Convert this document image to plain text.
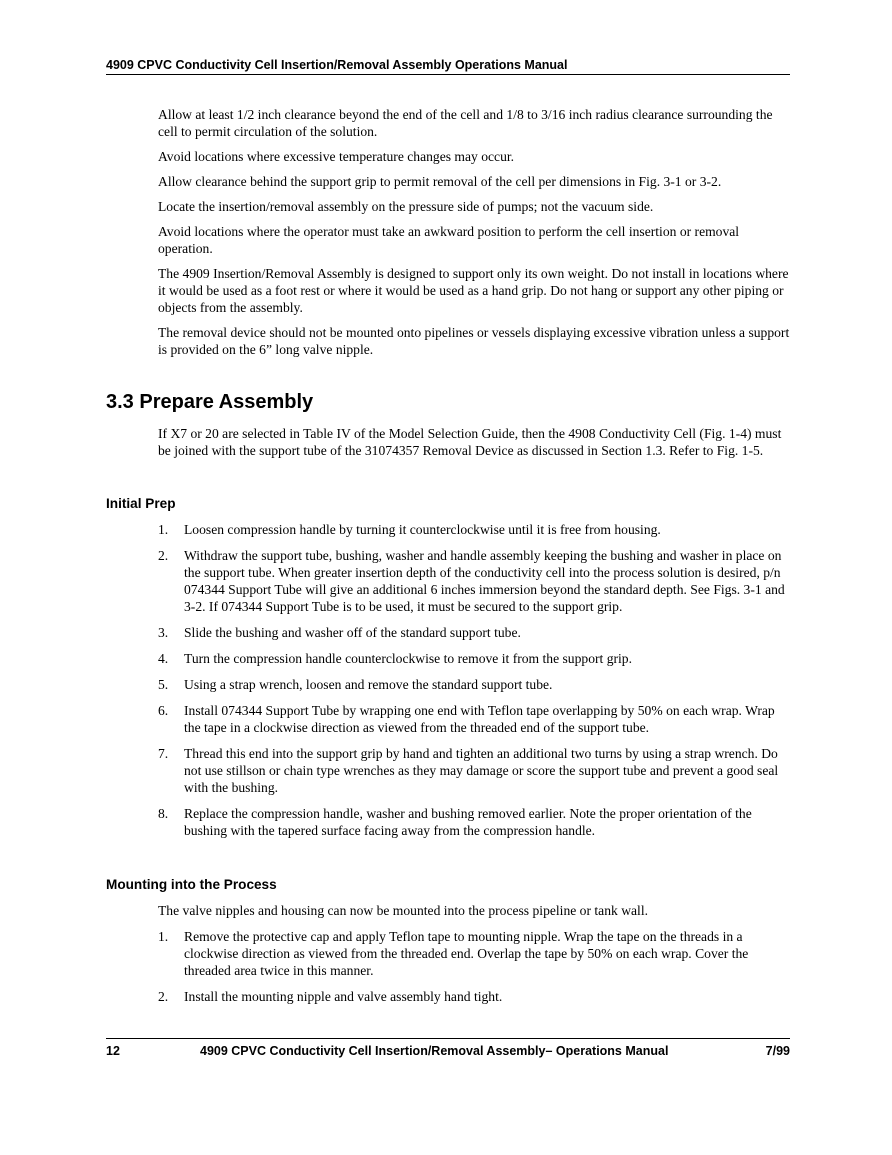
4909 CPVC Conductivity Cell Insertion/Removal Assembly Operations Manual

Allow at least 1/2 inch clearance beyond the end of the cell and 1/8 to 3/16 inch radius clearance surrounding the cell to permit circulation of the solution.

Avoid locations where excessive temperature changes may occur.

Allow clearance behind the support grip to permit removal of the cell per dimensions in Fig. 3-1 or 3-2.

Locate the insertion/removal assembly on the pressure side of pumps; not the vacuum side.

Avoid locations where the operator must take an awkward position to perform the cell insertion or removal operation.

The 4909 Insertion/Removal Assembly is designed to support only its own weight. Do not install in locations where it would be used as a foot rest or where it would be used as a hand grip. Do not hang or support any other piping or objects from the assembly.

The removal device should not be mounted onto pipelines or vessels displaying excessive vibration unless a support is provided on the 6” long valve nipple.

3.3 Prepare Assembly

If X7 or 20 are selected in Table IV of the Model Selection Guide, then the 4908 Conductivity Cell (Fig. 1-4) must be joined with the support tube of the 31074357 Removal Device as discussed in Section 1.3. Refer to Fig. 1-5.

Initial Prep
1. Loosen compression handle by turning it counterclockwise until it is free from housing.
2. Withdraw the support tube, bushing, washer and handle assembly keeping the bushing and washer in place on the support tube. When greater insertion depth of the conductivity cell into the process solution is desired, p/n 074344 Support Tube will give an additional 6 inches immersion beyond the standard depth. See Figs. 3-1 and 3-2. If 074344 Support Tube is to be used, it must be secured to the support grip.
3. Slide the bushing and washer off of the standard support tube.
4. Turn the compression handle counterclockwise to remove it from the support grip.
5. Using a strap wrench, loosen and remove the standard support tube.
6. Install 074344 Support Tube by wrapping one end with Teflon tape overlapping by 50% on each wrap. Wrap the tape in a clockwise direction as viewed from the threaded end of the support tube.
7. Thread this end into the support grip by hand and tighten an additional two turns by using a strap wrench. Do not use stillson or chain type wrenches as they may damage or score the support tube and prevent a good seal with the bushing.
8. Replace the compression handle, washer and bushing removed earlier. Note the proper orientation of the bushing with the tapered surface facing away from the compression handle.
Mounting into the Process

The valve nipples and housing can now be mounted into the process pipeline or tank wall.

1. Remove the protective cap and apply Teflon tape to mounting nipple. Wrap the tape on the threads in a clockwise direction as viewed from the threaded end. Overlap the tape by 50% on each wrap. Cover the threaded area twice in this manner.
2. Install the mounting nipple and valve assembly hand tight.
12	4909 CPVC Conductivity Cell Insertion/Removal Assembly– Operations Manual	7/99
